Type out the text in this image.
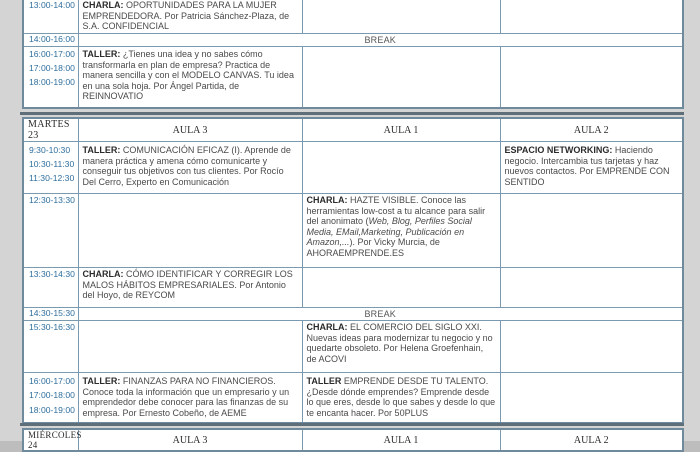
13:00-14:00	CHARLA: OPORTUNIDADES PARA LA MUJER EMPRENDEDORA. Por Patricia Sánchez-Plaza, de S.A. CONFIDENCIAL		
14:00-16:00	BREAK		

16:00-17:00
17:00-18:00
18:00-19:00	TALLER: ¿Tienes una idea y no sabes cómo transformarla en plan de empresa? Practica de manera sencilla y con el MODELO CANVAS. Tu idea en una sola hoja. Por Ángel Partida, de REINNOVATIO		
MARTES 23	AULA 3	AULA 1	AULA 2

9:30-10:30
10:30-11:30
11:30-12:30	TALLER: COMUNICACIÓN EFICAZ (I). Aprende de manera práctica y amena cómo comunicarte y conseguir tus objetivos con tus clientes. Por Rocío Del Cerro, Experto en Comunicación		ESPACIO NETWORKING: Haciendo negocio. Intercambia tus tarjetas y haz nuevos contactos. Por EMPRENDE CON SENTIDO
12:30-13:30		CHARLA: HAZTE VISIBLE. Conoce las herramientas low-cost a tu alcance para salir del anonimato (Web, Blog, Perfiles Social Media, EMail,Marketing, Publicación en Amazon,...). Por Vicky Murcia, de AHORAEMPRENDE.ES	
13:30-14:30	CHARLA: CÓMO IDENTIFICAR Y CORREGIR LOS MALOS HÁBITOS EMPRESARIALES. Por Antonio del Hoyo, de REYCOM		
14:30-15:30	BREAK		
15:30-16:30		CHARLA: EL COMERCIO DEL SIGLO XXI. Nuevas ideas para modernizar tu negocio y no quedarte obsoleto. Por Helena Groefenhain, de ACOVI	

16:00-17:00
17:00-18:00
18:00-19:00	TALLER: FINANZAS PARA NO FINANCIEROS. Conoce toda la información que un empresario y un emprendedor debe conocer para las finanzas de su empresa. Por Ernesto Cobeño, de AEME	TALLER EMPRENDE DESDE TU TALENTO. ¿Desde dónde emprendes? Emprende desde lo que eres, desde lo que sabes y desde lo que te encanta hacer. Por 50PLUS	
MIÉRCOLES 24	AULA 3	AULA 1	AULA 2
